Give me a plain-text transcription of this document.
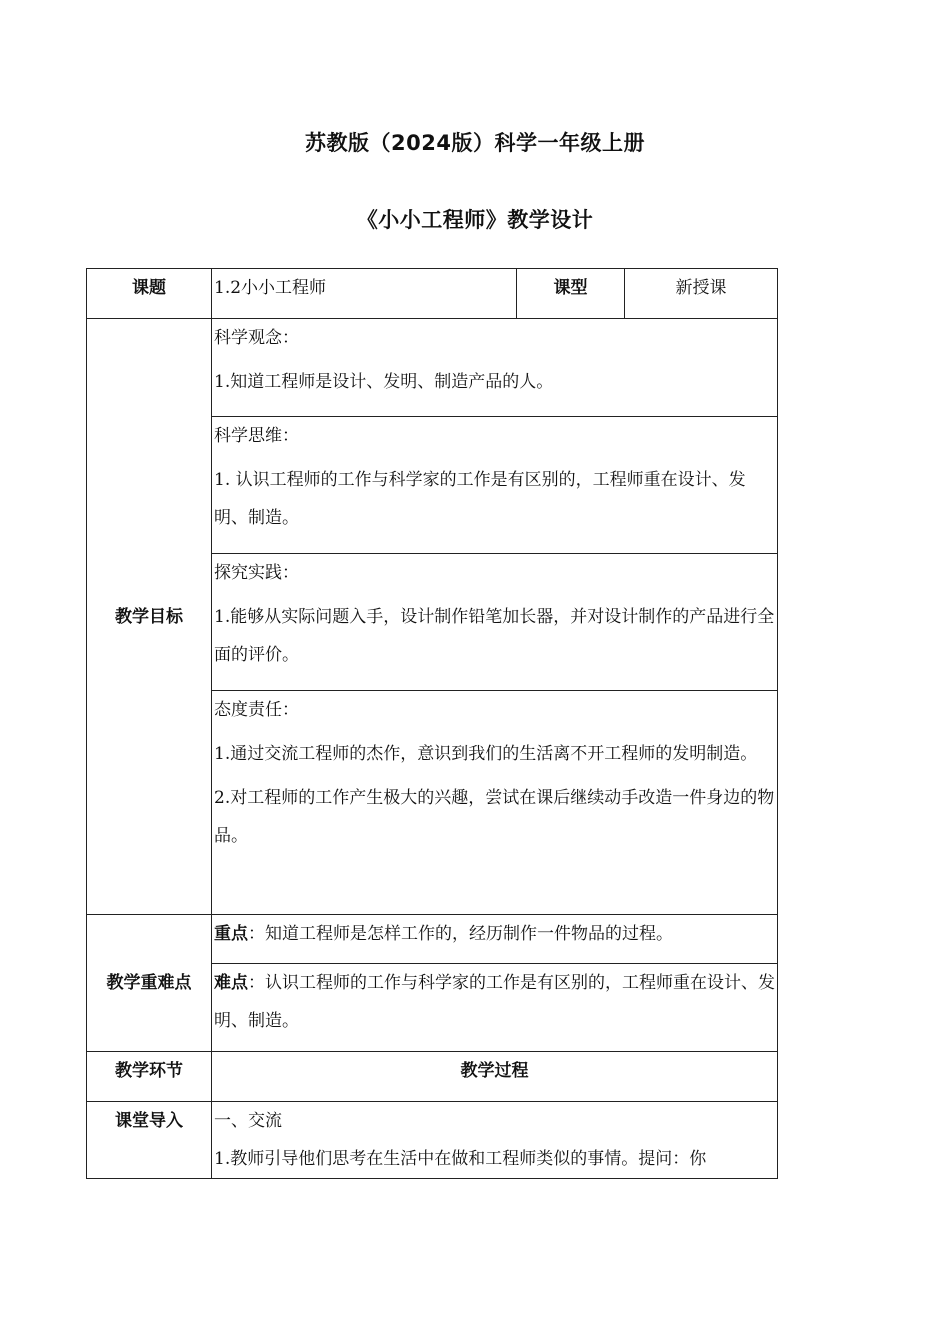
苏教版（2024版）科学一年级上册
《小小工程师》教学设计
课题	1.2小小工程师	课型	新授课
教学目标	科学观念：

1.知道工程师是设计、发明、制造产品的人。		

	科学思维：

1. 认识工程师的工作与科学家的工作是有区别的，工程师重在设计、发明、制造。		

	探究实践：

1.能够从实际问题入手，设计制作铅笔加长器，并对设计制作的产品进行全面的评价。		

	态度责任：

1.通过交流工程师的杰作，意识到我们的生活离不开工程师的发明制造。

2.对工程师的工作产生极大的兴趣，尝试在课后继续动手改造一件身边的物品。		

教学重难点	重点：知道工程师是怎样工作的，经历制作一件物品的过程。		
	难点：认识工程师的工作与科学家的工作是有区别的，工程师重在设计、发明、制造。		
教学环节	教学过程		
课堂导入	一、交流

1.教师引导他们思考在生活中在做和工程师类似的事情。提问：你		
